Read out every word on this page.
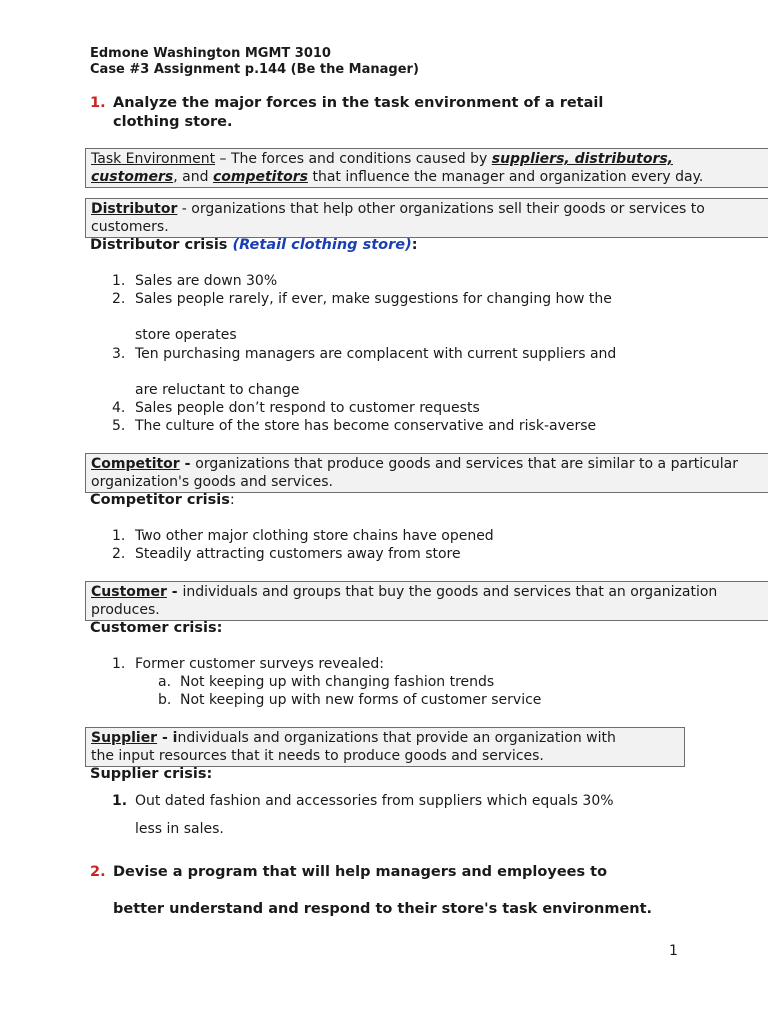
Edmone Washington MGMT 3010
Case #3 Assignment p.144 (Be the Manager)
1. Analyze the major forces in the task environment of a retail
clothing store.
Task Environment – The forces and conditions caused by suppliers, distributors,
customers, and competitors that influence the manager and organization every day.
Distributor - organizations that help other organizations sell their goods or services to
customers.
Distributor crisis (Retail clothing store):
1. Sales are down 30%
2. Sales people rarely, if ever, make suggestions for changing how the
store operates
3. Ten purchasing managers are complacent with current suppliers and
are reluctant to change
4. Sales people don’t respond to customer requests
5. The culture of the store has become conservative and risk-averse
Competitor - organizations that produce goods and services that are similar to a particular
organization's goods and services.
Competitor crisis:
1. Two other major clothing store chains have opened
2. Steadily attracting customers away from store
Customer - individuals and groups that buy the goods and services that an organization
produces.
Customer crisis:
1. Former customer surveys revealed:
a. Not keeping up with changing fashion trends
b. Not keeping up with new forms of customer service
Supplier - individuals and organizations that provide an organization with
the input resources that it needs to produce goods and services.
Supplier crisis:
1. Out dated fashion and accessories from suppliers which equals 30%
less in sales.
2. Devise a program that will help managers and employees to
better understand and respond to their store's task environment.
1
